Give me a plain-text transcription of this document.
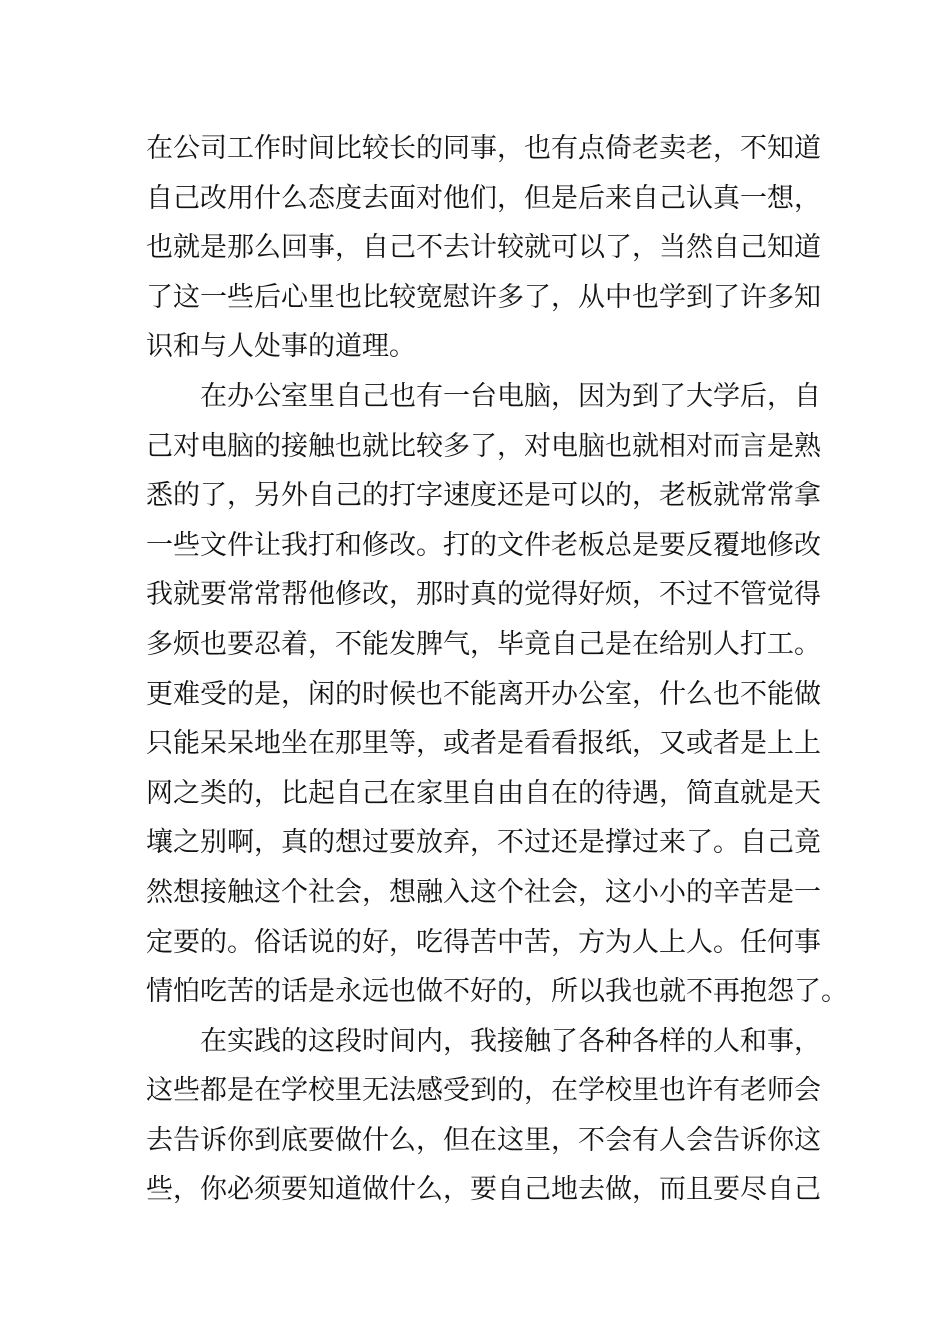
在公司工作时间比较长的同事，也有点倚老卖老，不知道
自己改用什么态度去面对他们，但是后来自己认真一想，
也就是那么回事，自己不去计较就可以了，当然自己知道
了这一些后心里也比较宽慰许多了，从中也学到了许多知
识和与人处事的道理。
在办公室里自己也有一台电脑，因为到了大学后，自
己对电脑的接触也就比较多了，对电脑也就相对而言是熟
悉的了，另外自己的打字速度还是可以的，老板就常常拿
一些文件让我打和修改。打的文件老板总是要反覆地修改
我就要常常帮他修改，那时真的觉得好烦，不过不管觉得
多烦也要忍着，不能发脾气，毕竟自己是在给别人打工。
更难受的是，闲的时候也不能离开办公室，什么也不能做
只能呆呆地坐在那里等，或者是看看报纸，又或者是上上
网之类的，比起自己在家里自由自在的待遇，简直就是天
壤之别啊，真的想过要放弃，不过还是撑过来了。自己竟
然想接触这个社会，想融入这个社会，这小小的辛苦是一
定要的。俗话说的好，吃得苦中苦，方为人上人。任何事
情怕吃苦的话是永远也做不好的，所以我也就不再抱怨了。
在实践的这段时间内，我接触了各种各样的人和事，
这些都是在学校里无法感受到的，在学校里也许有老师会
去告诉你到底要做什么，但在这里，不会有人会告诉你这
些，你必须要知道做什么，要自己地去做，而且要尽自己
